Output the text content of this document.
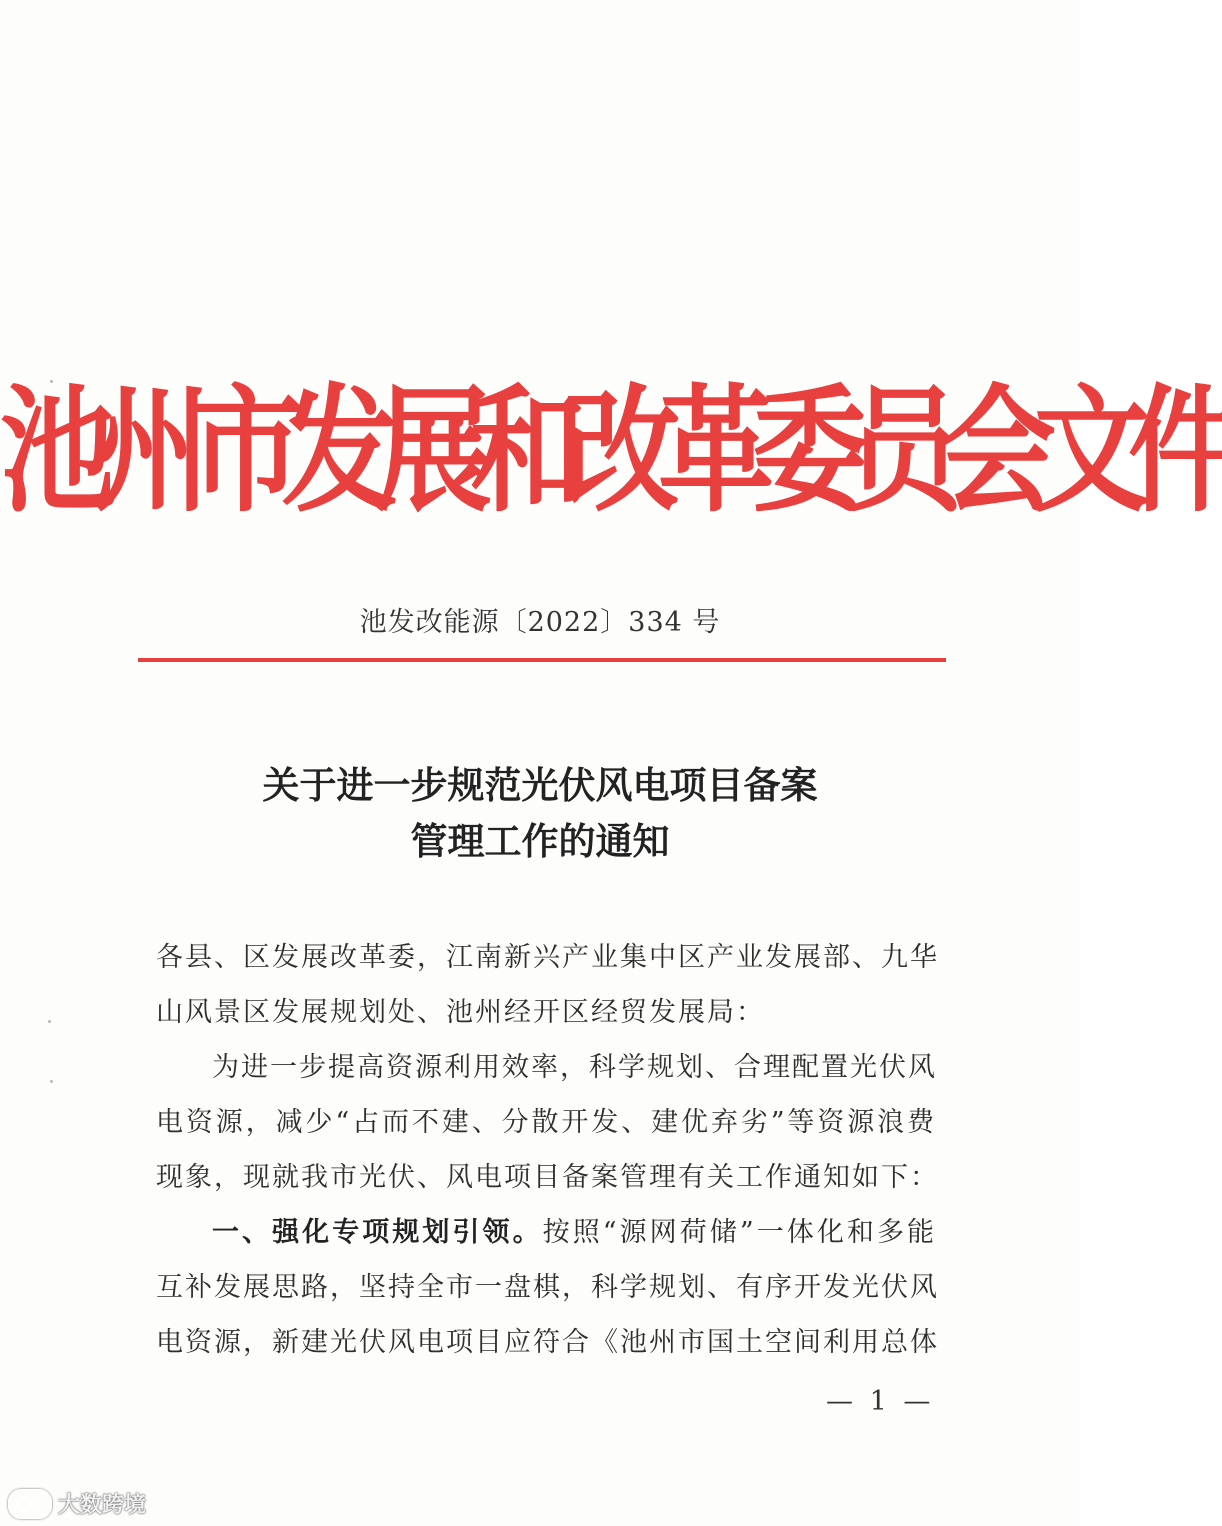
池州市发展和改革委员会文件
池发改能源〔2022〕334 号
关于进一步规范光伏风电项目备案
管理工作的通知
各县、区发展改革委，江南新兴产业集中区产业发展部、九华
山风景区发展规划处、池州经开区经贸发展局：
为进一步提高资源利用效率，科学规划、合理配置光伏风
电资源，减少“占而不建、分散开发、建优弃劣”等资源浪费
现象，现就我市光伏、风电项目备案管理有关工作通知如下：
一、强化专项规划引领。按照“源网荷储”一体化和多能
互补发展思路，坚持全市一盘棋，科学规划、有序开发光伏风
电资源，新建光伏风电项目应符合《池州市国土空间利用总体
— 1 —
大数跨境
